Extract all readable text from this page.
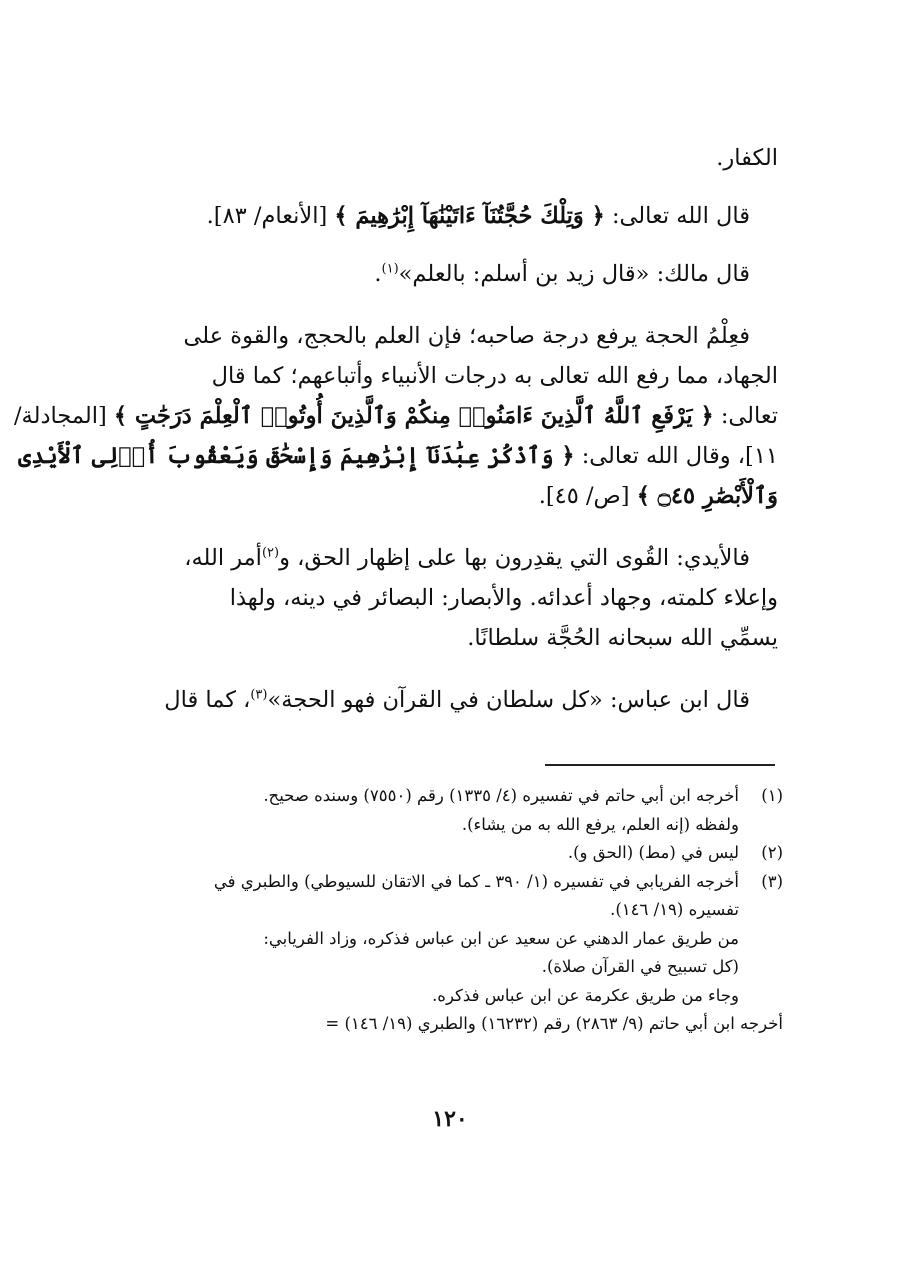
الكفار.

قال الله تعالى: ﴿ وَتِلْكَ حُجَّتُنَآ ءَاتَيْنَٰهَآ إِبْرَٰهِيمَ ﴾ [الأنعام/ ٨٣].

قال مالك: «قال زيد بن أسلم: بالعلم»$^{(١)}$.

فعِلْمُ الحجة يرفع درجة صاحبه؛ فإن العلم بالحجج، والقوة على
الجهاد، مما رفع الله تعالى به درجات الأنبياء وأتباعهم؛ كما قال
تعالى: ﴿ يَرْفَعِ ٱللَّهُ ٱلَّذِينَ ءَامَنُوا۟ مِنكُمْ وَٱلَّذِينَ أُوتُوا۟ ٱلْعِلْمَ دَرَجَٰتٍ ﴾ [المجادلة/
١١]، وقال الله تعالى: ﴿ وَٱذْكُرْ عِبَٰدَنَآ إِبْرَٰهِيمَ وَإِسْحَٰقَ وَيَعْقُوبَ أُو۟لِى ٱلْأَيْدِى
وَٱلْأَبْصَٰرِ ۝٤٥ ﴾ [ص/ ٤٥].
فالأيدي: القُوى التي يقدِرون بها على إظهار الحق، و$^{(٢)}$أمر الله،
وإعلاء كلمته، وجهاد أعدائه. والأبصار: البصائر في دينه، ولهذا
يسمِّي الله سبحانه الحُجَّة سلطانًا.

قال ابن عباس: «كل سلطان في القرآن فهو الحجة»$^{(٣)}$، كما قال

(١)
أخرجه ابن أبي حاتم في تفسيره (٤/ ١٣٣٥) رقم (٧٥٥٠) وسنده صحيح.
ولفظه (إنه العلم، يرفع الله به من يشاء).
(٢)
ليس في (مط) (الحق و).
(٣)
أخرجه الفريابي في تفسيره (١/ ٣٩٠ ـ كما في الاتقان للسيوطي) والطبري في
تفسيره (١٩/ ١٤٦).
من طريق عمار الدهني عن سعيد عن ابن عباس فذكره، وزاد الفريابي:
(كل تسبيح في القرآن صلاة).
وجاء من طريق عكرمة عن ابن عباس فذكره.
أخرجه ابن أبي حاتم (٩/ ٢٨٦٣) رقم (١٦٢٣٢) والطبري (١٩/ ١٤٦) =
١٢٠
